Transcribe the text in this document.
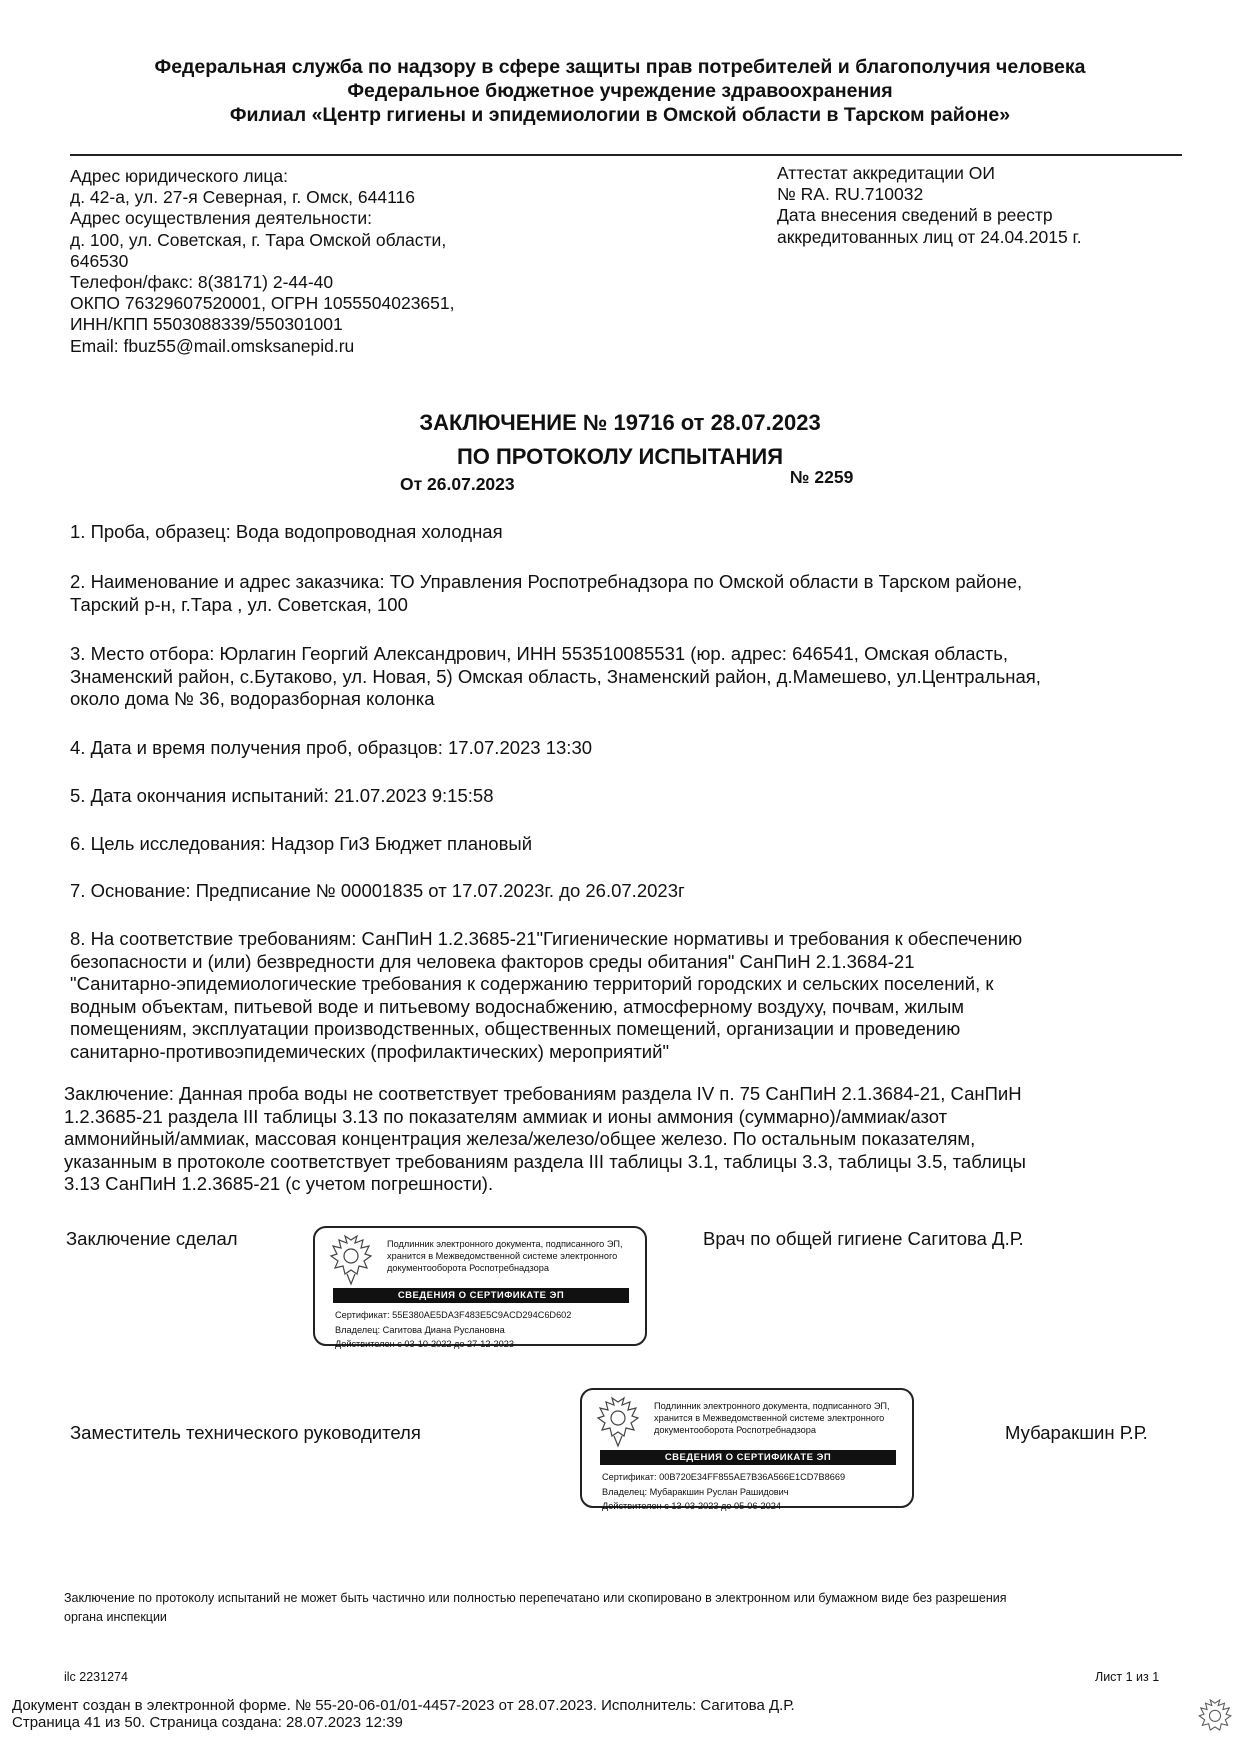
Федеральная служба по надзору в сфере защиты прав потребителей и благополучия человека
Федеральное бюджетное учреждение здравоохранения
Филиал «Центр гигиены и эпидемиологии в Омской области в Тарском районе»
Адрес юридического лица:
д. 42-а, ул. 27-я Северная, г. Омск, 644116
Адрес осуществления деятельности:
д. 100, ул. Советская, г. Тара Омской области,
646530
Телефон/факс: 8(38171) 2-44-40
ОКПО 76329607520001, ОГРН 1055504023651,
ИНН/КПП 5503088339/550301001
Email: fbuz55@mail.omsksanepid.ru
Аттестат аккредитации ОИ
№ RA. RU.710032
Дата внесения сведений в реестр
аккредитованных лиц от 24.04.2015 г.
ЗАКЛЮЧЕНИЕ № 19716 от 28.07.2023
ПО ПРОТОКОЛУ ИСПЫТАНИЯ
От 26.07.2023	№ 2259
1. Проба, образец: Вода водопроводная холодная
2. Наименование и адрес заказчика: ТО Управления Роспотребнадзора по Омской области в Тарском районе,
Тарский р-н, г.Тара , ул. Советская, 100
3. Место отбора: Юрлагин Георгий Александрович, ИНН 553510085531 (юр. адрес: 646541, Омская область,
Знаменский район, с.Бутаково, ул. Новая, 5) Омская область, Знаменский район, д.Мамешево, ул.Центральная,
около дома № 36, водоразборная колонка
4. Дата и время получения проб, образцов: 17.07.2023 13:30
5. Дата окончания испытаний: 21.07.2023 9:15:58
6. Цель исследования: Надзор ГиЗ Бюджет плановый
7. Основание: Предписание № 00001835 от 17.07.2023г. до 26.07.2023г
8. На соответствие требованиям: СанПиН 1.2.3685-21"Гигиенические нормативы и требования к обеспечению
безопасности и (или) безвредности для человека факторов среды обитания" СанПиН 2.1.3684-21
"Санитарно-эпидемиологические требования к содержанию территорий городских и сельских поселений, к
водным объектам, питьевой воде и питьевому водоснабжению, атмосферному воздуху, почвам, жилым
помещениям, эксплуатации производственных, общественных помещений, организации и проведению
санитарно-противоэпидемических (профилактических) мероприятий"
Заключение: Данная проба воды не соответствует требованиям раздела IV п. 75 СанПиН 2.1.3684-21, СанПиН
1.2.3685-21 раздела III таблицы 3.13 по показателям аммиак и ионы аммония (суммарно)/аммиак/азот
аммонийный/аммиак, массовая концентрация железа/железо/общее железо. По остальным показателям,
указанным в протоколе соответствует требованиям раздела III таблицы 3.1, таблицы 3.3, таблицы 3.5, таблицы
3.13 СанПиН 1.2.3685-21 (с учетом погрешности).
Заключение сделал	Врач по общей гигиене Сагитова Д.Р.
Подлинник электронного документа, подписанного ЭП,
хранится в Межведомственной системе электронного
документооборота Роспотребнадзора
СВЕДЕНИЯ О СЕРТИФИКАТЕ ЭП
Сертификат: 55E380AE5DA3F483E5C9ACD294C6D602
Владелец: Сагитова Диана Руслановна
Действителен с 03-10-2022 до 27-12-2023
Заместитель технического руководителя	Мубаракшин Р.Р.
Подлинник электронного документа, подписанного ЭП,
хранится в Межведомственной системе электронного
документооборота Роспотребнадзора
СВЕДЕНИЯ О СЕРТИФИКАТЕ ЭП
Сертификат: 00B720E34FF855AE7B36A566E1CD7B8669
Владелец: Мубаракшин Руслан Рашидович
Действителен с 13-03-2023 до 05-06-2024
Заключение по протоколу испытаний не может быть частично или полностью перепечатано или скопировано в электронном или бумажном виде без разрешения
органа инспекции
ilc 2231274	Лист 1 из 1
Документ создан в электронной форме. № 55-20-06-01/01-4457-2023 от 28.07.2023. Исполнитель: Сагитова Д.Р.
Страница 41 из 50. Страница создана: 28.07.2023 12:39
